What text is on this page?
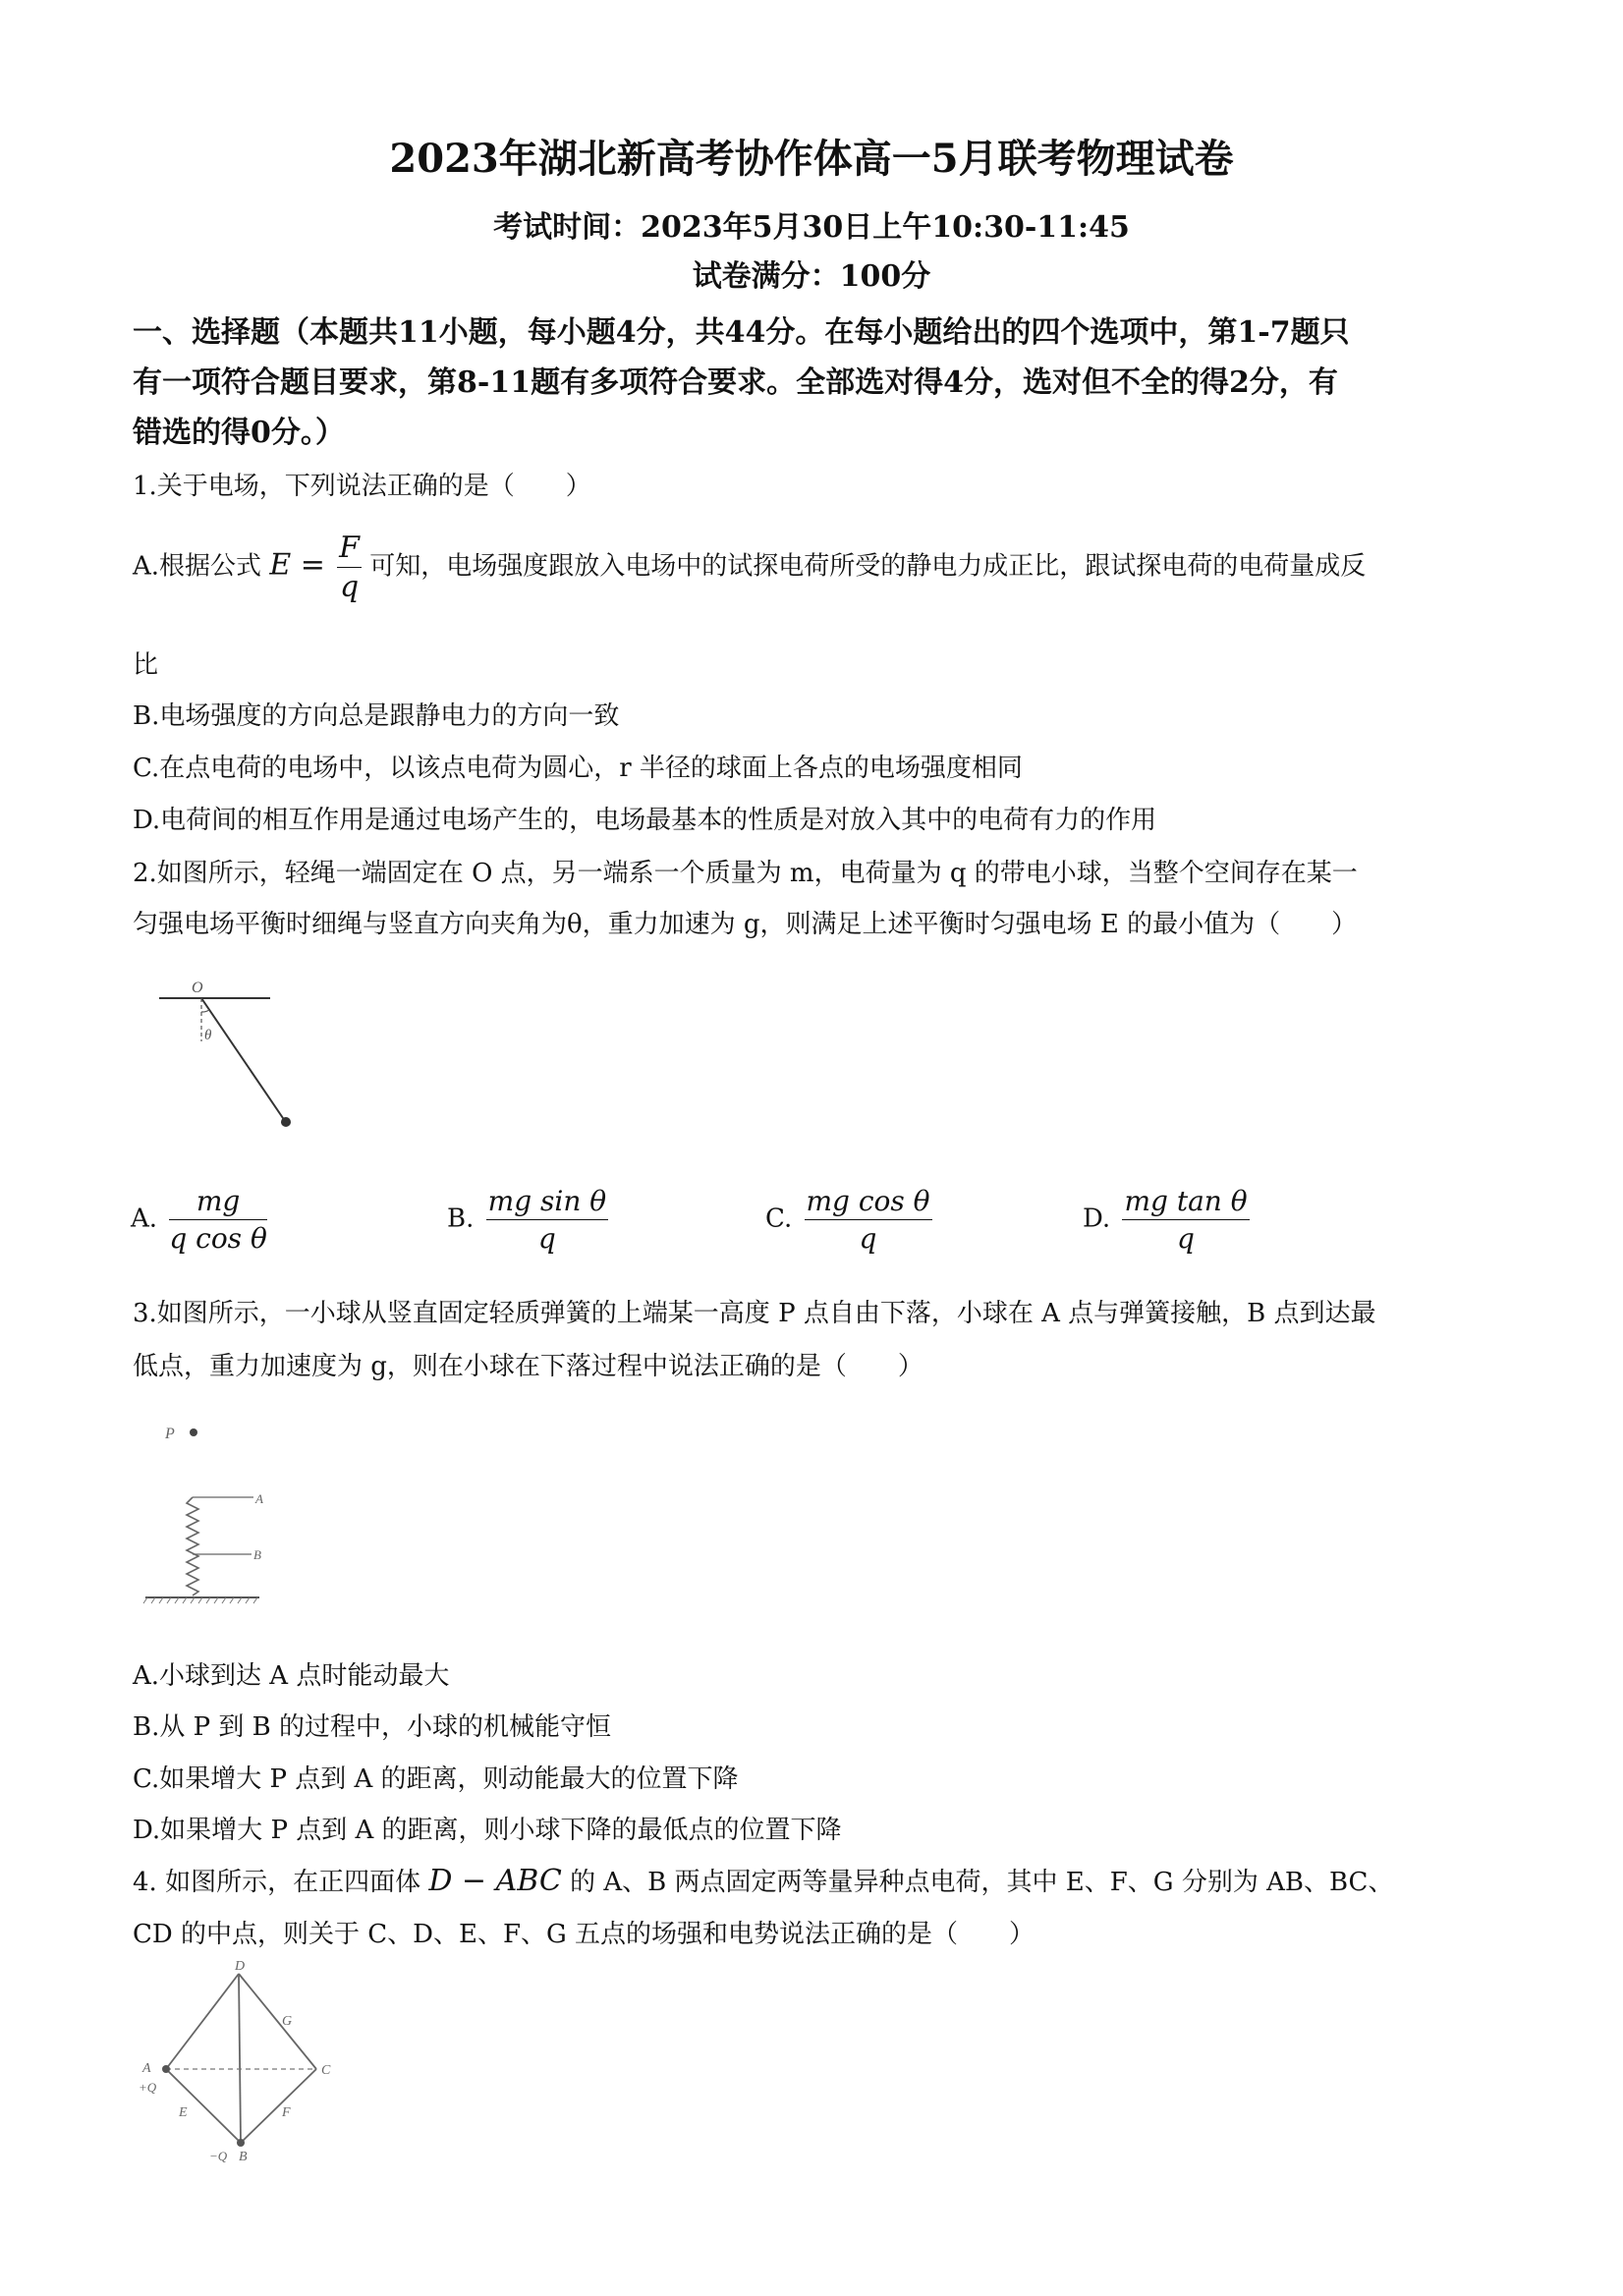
2023年湖北新高考协作体高一5月联考物理试卷
考试时间：2023年5月30日上午10:30-11:45
试卷满分：100分
一、选择题（本题共11小题，每小题4分，共44分。在每小题给出的四个选项中，第1-7题只
有一项符合题目要求，第8-11题有多项符合要求。全部选对得4分，选对但不全的得2分，有
错选的得0分。）
1.关于电场，下列说法正确的是（　　）
A.根据公式 $E = \frac{F}{q}$ 可知，电场强度跟放入电场中的试探电荷所受的静电力成正比，跟试探电荷的电荷量成反
比
B.电场强度的方向总是跟静电力的方向一致
C.在点电荷的电场中，以该点电荷为圆心，r 半径的球面上各点的电场强度相同
D.电荷间的相互作用是通过电场产生的，电场最基本的性质是对放入其中的电荷有力的作用
2.如图所示，轻绳一端固定在 O 点，另一端系一个质量为 m，电荷量为 q 的带电小球，当整个空间存在某一
匀强电场平衡时细绳与竖直方向夹角为θ，重力加速为 g，则满足上述平衡时匀强电场 E 的最小值为（　　）
O
θ
A. $\frac{mg}{\text{q cos θ}}$	B. $\frac{\text{mg sin θ}}{q}$	C. $\frac{\text{mg cos θ}}{q}$	D. $\frac{\text{mg tan θ}}{q}$
3.如图所示，一小球从竖直固定轻质弹簧的上端某一高度 P 点自由下落，小球在 A 点与弹簧接触，B 点到达最
低点，重力加速度为 g，则在小球在下落过程中说法正确的是（　　）
P
A
B
A.小球到达 A 点时能动最大
B.从 P 到 B 的过程中，小球的机械能守恒
C.如果增大 P 点到 A 的距离，则动能最大的位置下降
D.如果增大 P 点到 A 的距离，则小球下降的最低点的位置下降
4. 如图所示，在正四面体 D − ABC 的 A、B 两点固定两等量异种点电荷，其中 E、F、G 分别为 AB、BC、
CD 的中点，则关于 C、D、E、F、G 五点的场强和电势说法正确的是（　　）
D
G
A
+Q
C
E	F
−Q B
